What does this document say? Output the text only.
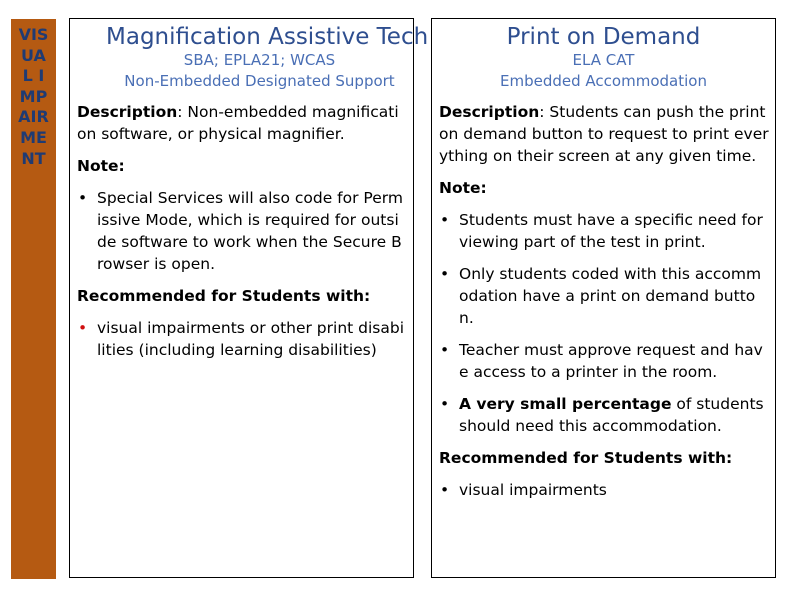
VIS
UA
L I
MP
AIR
ME
NT
Magnification Assistive Tech
SBA; EPLA21; WCAS
Non-Embedded Designated Support
Description: Non-embedded magnification software, or physical magnifier.
Note:
• Special Services will also code for Permissive Mode, which is required for outside software to work when the Secure Browser is open.
Recommended for Students with:
• visual impairments or other print disabilities (including learning disabilities)
Print on Demand
ELA CAT
Embedded Accommodation
Description: Students can push the print on demand button to request to print everything on their screen at any given time.
Note:
• Students must have a specific need for viewing part of the test in print.
• Only students coded with this accommodation have a print on demand button.
• Teacher must approve request and have access to a printer in the room.
• A very small percentage of students should need this accommodation.
Recommended for Students with:
• visual impairments
